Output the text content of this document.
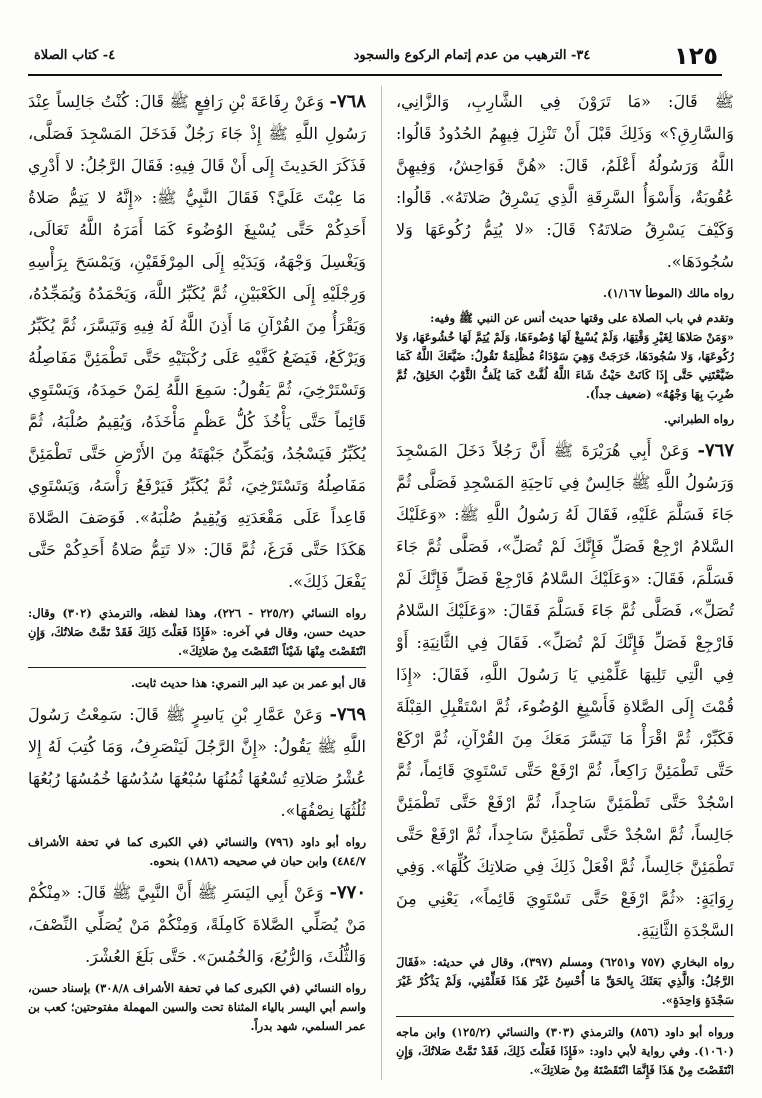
١٢٥
٣٤- الترهيب من عدم إتمام الركوع والسجود
٤- كتاب الصلاة

ﷺ قَالَ: «مَا تَرَوْنَ فِي الشَّارِبِ، وَالزَّانِي، وَالسَّارِقِ؟» وَذَلِكَ قَبْلَ أَنْ تَنْزِلَ فِيهِمُ الحُدُودُ قَالُوا: اللَّهُ وَرَسُولُهُ أَعْلَمُ، قَالَ: «هُنَّ فَوَاحِشُ، وَفِيهِنَّ عُقُوبَةٌ، وَأَسْوَأُ السَّرِقَةِ الَّذِي يَسْرِقُ صَلاتَهُ». قَالُوا: وَكَيْفَ يَسْرِقُ صَلاتَهُ؟ قَالَ: «لا يُتِمُّ رُكُوعَهَا وَلا سُجُودَهَا».

رواه مالك (الموطأ ١/١٦٧).
وتقدم في باب الصلاة على وقتها حديث أنس عن النبي ﷺ وفيه:
«وَمَنْ صَلاهَا لِغَيْرِ وَقْتِهَا، وَلَمْ يُسْبِغْ لَهَا وُضُوءَهَا، وَلَمْ يُتِمَّ لَهَا خُشُوعَهَا، وَلا رُكُوعَهَا، وَلا سُجُودَهَا، خَرَجَتْ وَهِيَ سَوْدَاءُ مُظْلِمَةٌ تَقُولُ: ضَيَّعَكَ اللَّهُ كَمَا ضَيَّعْتَنِي حَتَّى إِذَا كَانَتْ حَيْثُ شَاءَ اللَّهُ لُفَّتْ كَمَا يُلَفُّ الثَّوْبُ الخَلِقُ، ثُمَّ ضُرِبَ بِهَا وَجْهُهُ» (ضعيف جداً).
رواه الطبراني.

٧٦٧- وَعَنْ أَبِي هُرَيْرَةَ ﷺ أَنَّ رَجُلاً دَخَلَ المَسْجِدَ وَرَسُولُ اللَّهِ ﷺ جَالِسٌ فِي نَاحِيَةِ المَسْجِدِ فَصَلَّى ثُمَّ جَاءَ فَسَلَّمَ عَلَيْهِ، فَقَالَ لَهُ رَسُولُ اللَّهِ ﷺ: «وَعَلَيْكَ السَّلامُ ارْجِعْ فَصَلِّ فَإِنَّكَ لَمْ تُصَلِّ»، فَصَلَّى ثُمَّ جَاءَ فَسَلَّمَ، فَقَالَ: «وَعَلَيْكَ السَّلامُ فَارْجِعْ فَصَلِّ فَإِنَّكَ لَمْ تُصَلِّ»، فَصَلَّى ثُمَّ جَاءَ فَسَلَّمَ فَقَالَ: «وَعَلَيْكَ السَّلامُ فَارْجِعْ فَصَلِّ فَإِنَّكَ لَمْ تُصَلِّ». فَقَالَ فِي الثَّانِيَةِ: أَوْ فِي الَّتِي تَلِيهَا عَلِّمْنِي يَا رَسُولَ اللَّهِ، فَقَالَ: «إِذَا قُمْتَ إِلَى الصَّلاةِ فَأَسْبِغِ الوُضُوءَ، ثُمَّ اسْتَقْبِلِ القِبْلَةَ فَكَبِّرْ، ثُمَّ اقْرَأْ مَا تَيَسَّرَ مَعَكَ مِنَ القُرْآنِ، ثُمَّ ارْكَعْ حَتَّى تَطْمَئِنَّ رَاكِعاً، ثُمَّ ارْفَعْ حَتَّى تَسْتَوِيَ قَائِماً، ثُمَّ اسْجُدْ حَتَّى تَطْمَئِنَّ سَاجِداً، ثُمَّ ارْفَعْ حَتَّى تَطْمَئِنَّ جَالِساً، ثُمَّ اسْجُدْ حَتَّى تَطْمَئِنَّ سَاجِداً، ثُمَّ ارْفَعْ حَتَّى تَطْمَئِنَّ جَالِساً، ثُمَّ افْعَلْ ذَلِكَ فِي صَلاتِكَ كُلِّهَا». وَفِي رِوَايَةٍ: «ثُمَّ ارْفَعْ حَتَّى تَسْتَوِيَ قَائِماً»، يَعْنِي مِنَ السَّجْدَةِ الثَّانِيَةِ.

رواه البخاري (٧٥٧ و٦٢٥١) ومسلم (٣٩٧)، وقال في حديثه: «فَقَالَ الرَّجُلُ: وَالَّذِي بَعَثَكَ بِالحَقِّ مَا أُحْسِنُ غَيْرَ هَذَا فَعَلِّمْنِي، وَلَمْ يَذْكُرْ غَيْرَ سَجْدَةٍ وَاحِدَةٍ».
ورواه أبو داود (٨٥٦) والترمذي (٣٠٣) والنسائي (١٢٥/٢) وابن ماجه (١٠٦٠). وفي رواية لأبي داود: «فَإِذَا فَعَلْتَ ذَلِكَ، فَقَدْ تَمَّتْ صَلاتُكَ، وَإِنِ انْتَقَصْتَ مِنْ هَذَا فَإِنَّمَا انْتَقَصْتَهُ مِنْ صَلاتِكَ».

٧٦٨- وَعَنْ رِفَاعَةَ بْنِ رَافِعٍ ﷺ قَالَ: كُنْتُ جَالِساً عِنْدَ رَسُولِ اللَّهِ ﷺ إِذْ جَاءَ رَجُلٌ فَدَخَلَ المَسْجِدَ فَصَلَّى، فَذَكَرَ الحَدِيثَ إِلَى أَنْ قَالَ فِيهِ: فَقَالَ الرَّجُلُ: لا أَدْرِي مَا عِبْتَ عَلَيَّ؟ فَقَالَ النَّبِيُّ ﷺ: «إِنَّهُ لا يَتِمُّ صَلاةُ أَحَدِكُمْ حَتَّى يُسْبِغَ الوُضُوءَ كَمَا أَمَرَهُ اللَّهُ تَعَالَى، وَيَغْسِلَ وَجْهَهُ، وَيَدَيْهِ إِلَى المِرْفَقَيْنِ، وَيَمْسَحَ بِرَأْسِهِ وَرِجْلَيْهِ إِلَى الكَعْبَيْنِ، ثُمَّ يُكَبِّرُ اللَّهَ، وَيَحْمَدُهُ وَيُمَجِّدُهُ، وَيَقْرَأُ مِنَ القُرْآنِ مَا أَذِنَ اللَّهُ لَهُ فِيهِ وَتَيَسَّرَ، ثُمَّ يُكَبِّرُ وَيَرْكَعُ، فَيَضَعُ كَفَّيْهِ عَلَى رُكْبَتَيْهِ حَتَّى تَطْمَئِنَّ مَفَاصِلُهُ وَتَسْتَرْخِيَ، ثُمَّ يَقُولُ: سَمِعَ اللَّهُ لِمَنْ حَمِدَهُ، وَيَسْتَوِي قَائِماً حَتَّى يَأْخُذَ كُلُّ عَظْمٍ مَأْخَذَهُ، وَيُقِيمُ صُلْبَهُ، ثُمَّ يُكَبِّرُ فَيَسْجُدُ، وَيُمَكِّنُ جَبْهَتَهُ مِنَ الأَرْضِ حَتَّى تَطْمَئِنَّ مَفَاصِلُهُ وَتَسْتَرْخِيَ، ثُمَّ يُكَبِّرُ فَيَرْفَعُ رَأْسَهُ، وَيَسْتَوِي قَاعِداً عَلَى مَقْعَدَتِهِ وَيُقِيمُ صُلْبَهُ». فَوَصَفَ الصَّلاةَ هَكَذَا حَتَّى فَرَغَ، ثُمَّ قَالَ: «لا تَتِمُّ صَلاةُ أَحَدِكُمْ حَتَّى يَفْعَلَ ذَلِكَ».

رواه النسائي (٢٢٥/٢ - ٢٢٦)، وهذا لفظه، والترمذي (٣٠٢) وقال: حديث حسن، وقال في آخره: «فَإِذَا فَعَلْتَ ذَلِكَ فَقَدْ تَمَّتْ صَلاتُكَ، وَإِنِ انْتَقَصْتَ مِنْهَا شَيْئاً انْتَقَصْتَ مِنْ صَلاتِكَ».
قال أبو عمر بن عبد البر النمري: هذا حديث ثابت.

٧٦٩- وَعَنْ عَمَّارِ بْنِ يَاسِرٍ ﷺ قَالَ: سَمِعْتُ رَسُولَ اللَّهِ ﷺ يَقُولُ: «إِنَّ الرَّجُلَ لَيَنْصَرِفُ، وَمَا كُتِبَ لَهُ إِلا عُشْرُ صَلاتِهِ تُسْعُهَا ثُمُنُهَا سُبْعُهَا سُدُسُهَا خُمُسُهَا رُبُعُهَا ثُلُثُهَا نِصْفُهَا».

رواه أبو داود (٧٩٦) والنسائي (في الكبرى كما في تحفة الأشراف ٤٨٤/٧) وابن حبان في صحيحه (١٨٨٦) بنحوه.

٧٧٠- وَعَنْ أَبِي اليَسَرِ ﷺ أَنَّ النَّبِيَّ ﷺ قَالَ: «مِنْكُمْ مَنْ يُصَلِّي الصَّلاةَ كَامِلَةً، وَمِنْكُمْ مَنْ يُصَلِّي النِّصْفَ، وَالثُّلُثَ، وَالرُّبُعَ، وَالخُمُسَ». حَتَّى بَلَغَ العُشْرَ.

رواه النسائي (في الكبرى كما في تحفة الأشراف ٣٠٨/٨) بإسناد حسن، واسم أبي اليسر بالياء المثناة تحت والسين المهملة مفتوحتين؛ كعب بن عمر السلمي، شهد بدراً.
